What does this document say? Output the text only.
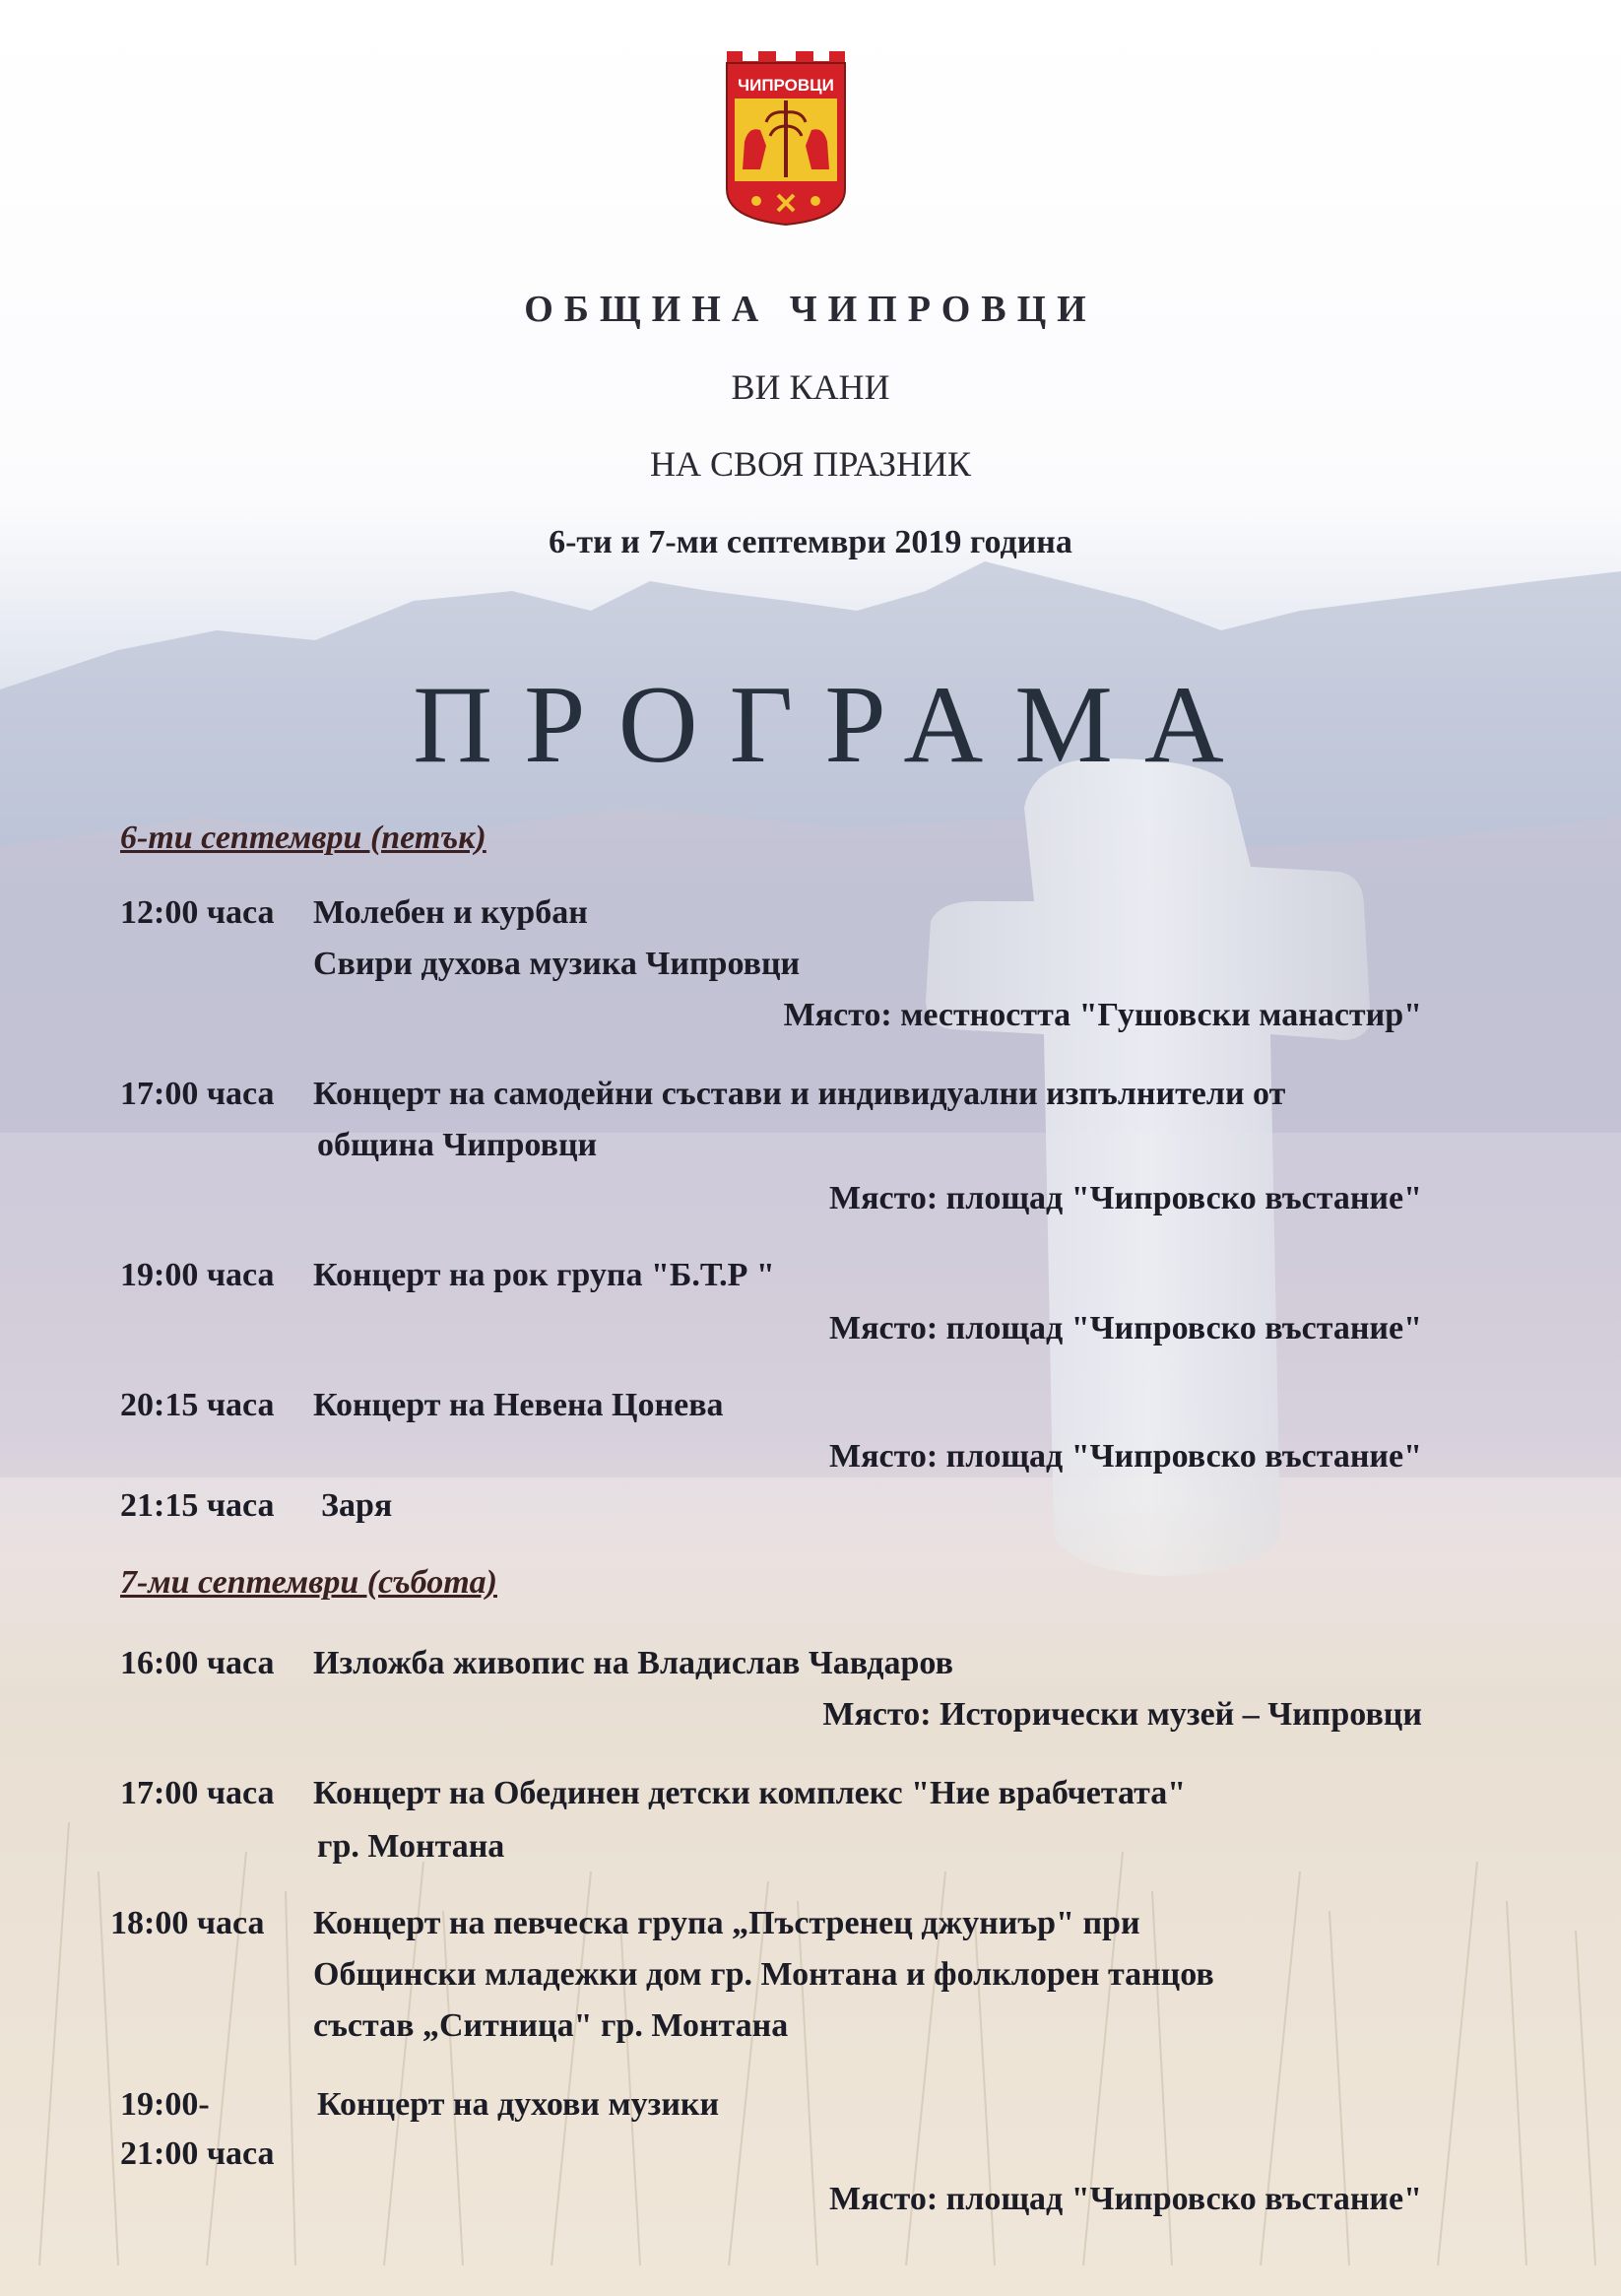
ЧИПРОВЦИ
ОБЩИНА ЧИПРОВЦИ
ВИ КАНИ
НА СВОЯ ПРАЗНИК
6-ти и 7-ми септември 2019 година
ПРОГРАМА
6-ти септември (петък)
12:00 часа Молебен и курбан
Свири духова музика Чипровци
Място: местността "Гушовски манастир"
17:00 часа Концерт на самодейни състави и индивидуални изпълнители от
община Чипровци
Място: площад "Чипровско въстание"
19:00 часа Концерт на рок група "Б.Т.Р "
Място: площад "Чипровско въстание"
20:15 часа Концерт на Невена Цонева
Място: площад "Чипровско въстание"
21:15 часа Заря
7-ми септември (събота)
16:00 часа Изложба живопис на Владислав Чавдаров
Място: Исторически музей – Чипровци
17:00 часа Концерт на Обединен детски комплекс "Ние врабчетата"
гр. Монтана
18:00 часа Концерт на певческа група „Пъстренец джуниър" при
Общински младежки дом гр. Монтана и фолклорен танцов
състав „Ситница" гр. Монтана
19:00-
21:00 часа
Концерт на духови музики
Място: площад "Чипровско въстание"
